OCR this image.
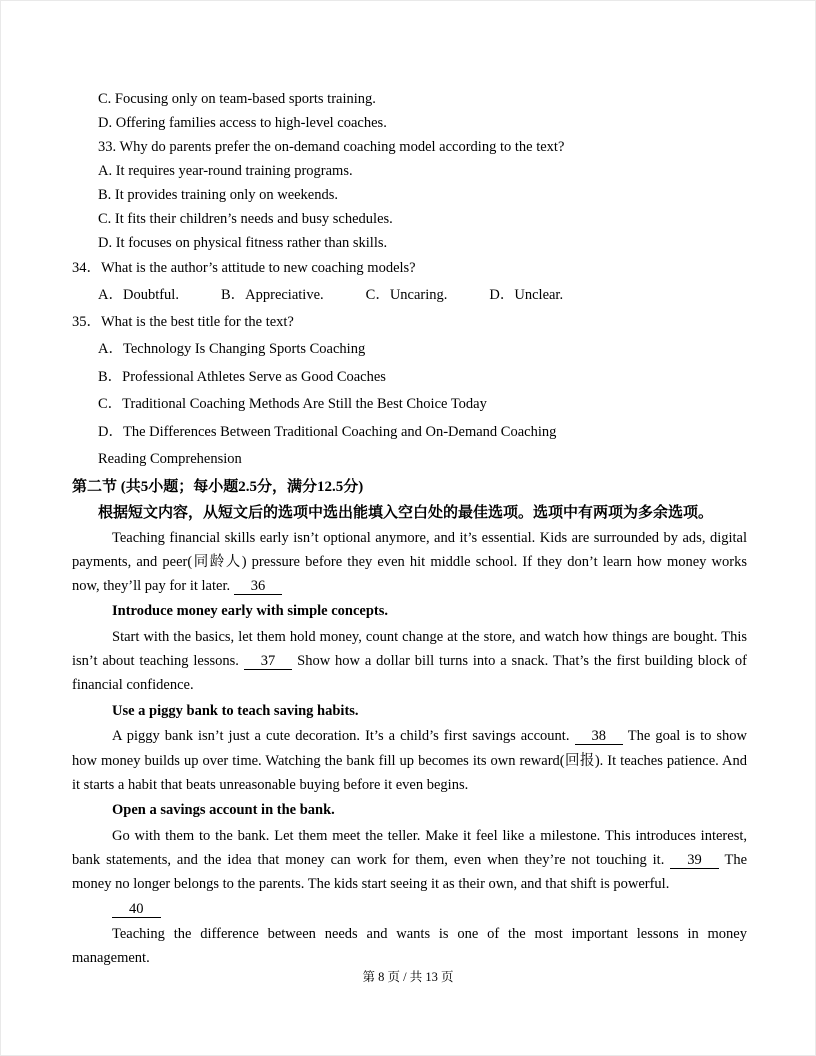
C. Focusing only on team-based sports training.
D. Offering families access to high-level coaches.
33. Why do parents prefer the on-demand coaching model according to the text?
A. It requires year-round training programs.
B. It provides training only on weekends.
C. It fits their children’s needs and busy schedules.
D. It focuses on physical fitness rather than skills.
34．What is the author’s attitude to new coaching models?
A．Doubtful.	B．Appreciative.	C．Uncaring.	D．Unclear.
35．What is the best title for the text?
A．Technology Is Changing Sports Coaching
B．Professional Athletes Serve as Good Coaches
C．Traditional Coaching Methods Are Still the Best Choice Today
D．The Differences Between Traditional Coaching and On-Demand Coaching
Reading Comprehension
第二节 (共5小题；每小题2.5分，满分12.5分)
根据短文内容，从短文后的选项中选出能填入空白处的最佳选项。选项中有两项为多余选项。
Teaching financial skills early isn’t optional anymore, and it’s essential. Kids are surrounded by ads, digital payments, and peer(同龄人) pressure before they even hit middle school. If they don’t learn how money works now, they’ll pay for it later. 36
Introduce money early with simple concepts.
Start with the basics, let them hold money, count change at the store, and watch how things are bought. This isn’t about teaching lessons. 37 Show how a dollar bill turns into a snack. That’s the first building block of financial confidence.
Use a piggy bank to teach saving habits.
A piggy bank isn’t just a cute decoration. It’s a child’s first savings account. 38 The goal is to show how money builds up over time. Watching the bank fill up becomes its own reward(回报). It teaches patience. And it starts a habit that beats unreasonable buying before it even begins.
Open a savings account in the bank.
Go with them to the bank. Let them meet the teller. Make it feel like a milestone. This introduces interest, bank statements, and the idea that money can work for them, even when they’re not touching it. 39 The money no longer belongs to the parents. The kids start seeing it as their own, and that shift is powerful.
40
Teaching the difference between needs and wants is one of the most important lessons in money management.
第 8 页 / 共 13 页
